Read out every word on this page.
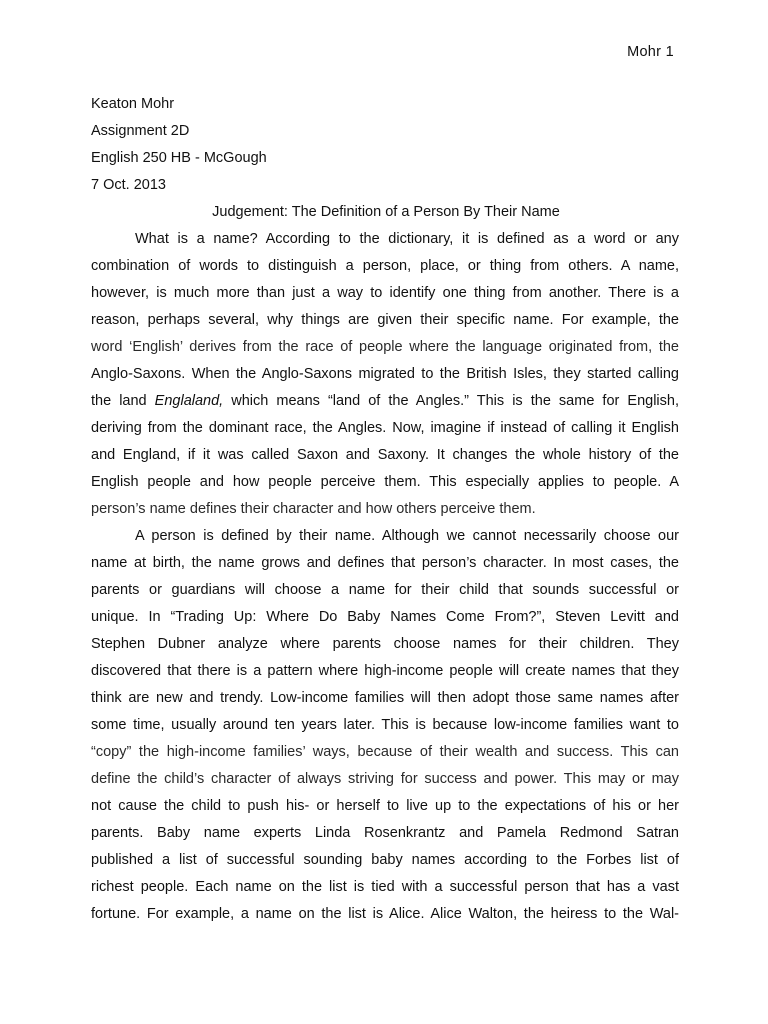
Mohr 1
Keaton Mohr
Assignment 2D
English 250 HB - McGough
7 Oct. 2013
Judgement: The Definition of a Person By Their Name
What is a name? According to the dictionary, it is defined as a word or any
combination of words to distinguish a person, place, or thing from others. A name,
however, is much more than just a way to identify one thing from another. There is a
reason, perhaps several, why things are given their specific name. For example, the
word ‘English’ derives from the race of people where the language originated from, the
Anglo-Saxons. When the Anglo-Saxons migrated to the British Isles, they started calling
the land Englaland, which means “land of the Angles.” This is the same for English,
deriving from the dominant race, the Angles. Now, imagine if instead of calling it English
and England, if it was called Saxon and Saxony. It changes the whole history of the
English people and how people perceive them. This especially applies to people. A
person’s name defines their character and how others perceive them.
A person is defined by their name. Although we cannot necessarily choose our
name at birth, the name grows and defines that person’s character. In most cases, the
parents or guardians will choose a name for their child that sounds successful or
unique. In “Trading Up: Where Do Baby Names Come From?”, Steven Levitt and
Stephen Dubner analyze where parents choose names for their children. They
discovered that there is a pattern where high-income people will create names that they
think are new and trendy. Low-income families will then adopt those same names after
some time, usually around ten years later. This is because low-income families want to
“copy” the high-income families’ ways, because of their wealth and success. This can
define the child’s character of always striving for success and power. This may or may
not cause the child to push his- or herself to live up to the expectations of his or her
parents. Baby name experts Linda Rosenkrantz and Pamela Redmond Satran
published a list of successful sounding baby names according to the Forbes list of
richest people. Each name on the list is tied with a successful person that has a vast
fortune. For example, a name on the list is Alice. Alice Walton, the heiress to the Wal-
